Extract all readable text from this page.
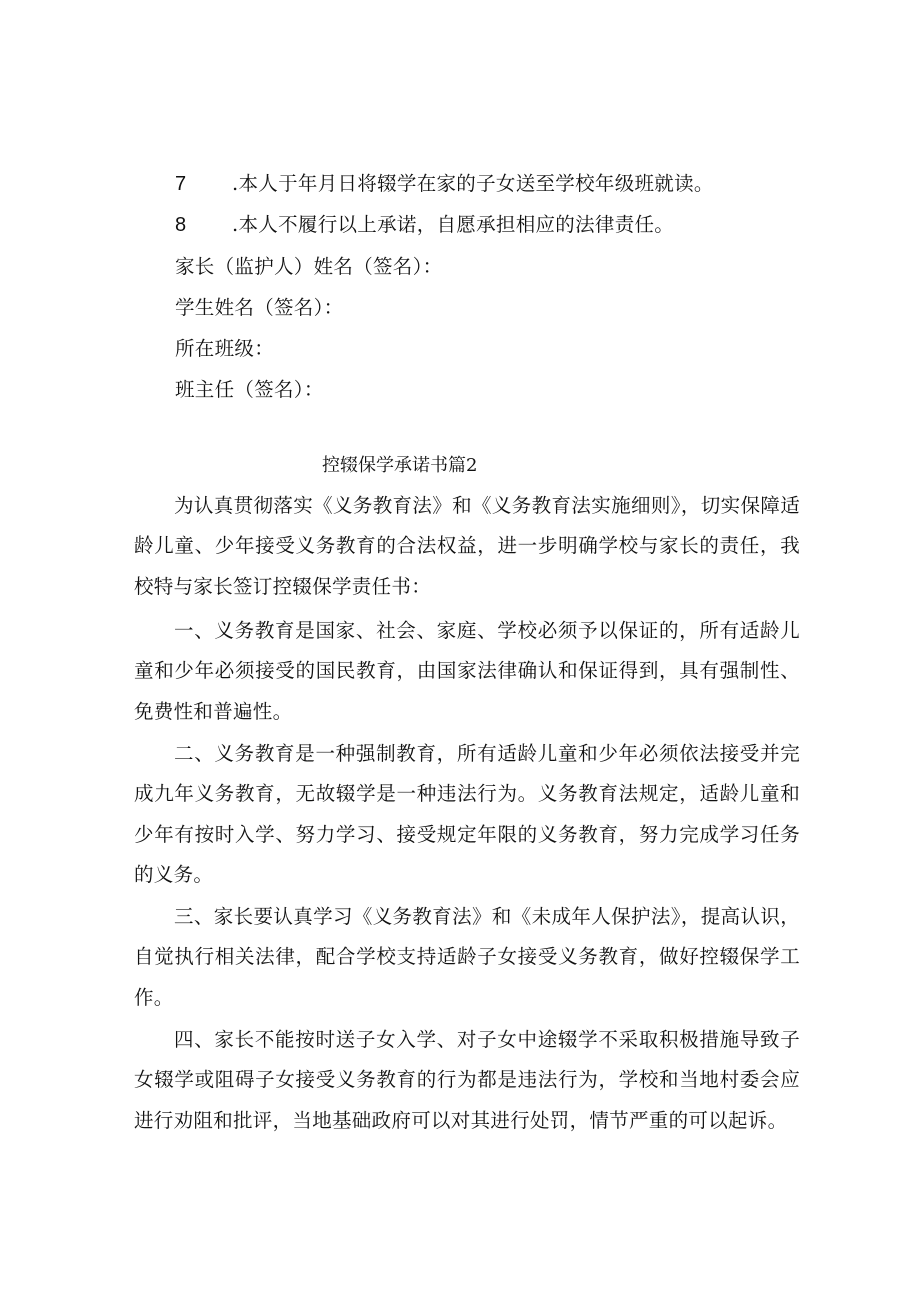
7 .本人于年月日将辍学在家的子女送至学校年级班就读。
8 .本人不履行以上承诺，自愿承担相应的法律责任。
家长（监护人）姓名（签名）：
学生姓名（签名）：
所在班级：
班主任（签名）：
控辍保学承诺书篇2

为认真贯彻落实《义务教育法》和《义务教育法实施细则》，切实保障适龄儿童、少年接受义务教育的合法权益，进一步明确学校与家长的责任，我校特与家长签订控辍保学责任书：

一、义务教育是国家、社会、家庭、学校必须予以保证的，所有适龄儿童和少年必须接受的国民教育，由国家法律确认和保证得到，具有强制性、免费性和普遍性。

二、义务教育是一种强制教育，所有适龄儿童和少年必须依法接受并完成九年义务教育，无故辍学是一种违法行为。义务教育法规定，适龄儿童和少年有按时入学、努力学习、接受规定年限的义务教育，努力完成学习任务的义务。

三、家长要认真学习《义务教育法》和《未成年人保护法》，提高认识，自觉执行相关法律，配合学校支持适龄子女接受义务教育，做好控辍保学工作。

四、家长不能按时送子女入学、对子女中途辍学不采取积极措施导致子女辍学或阻碍子女接受义务教育的行为都是违法行为，学校和当地村委会应进行劝阻和批评，当地基础政府可以对其进行处罚，情节严重的可以起诉。
